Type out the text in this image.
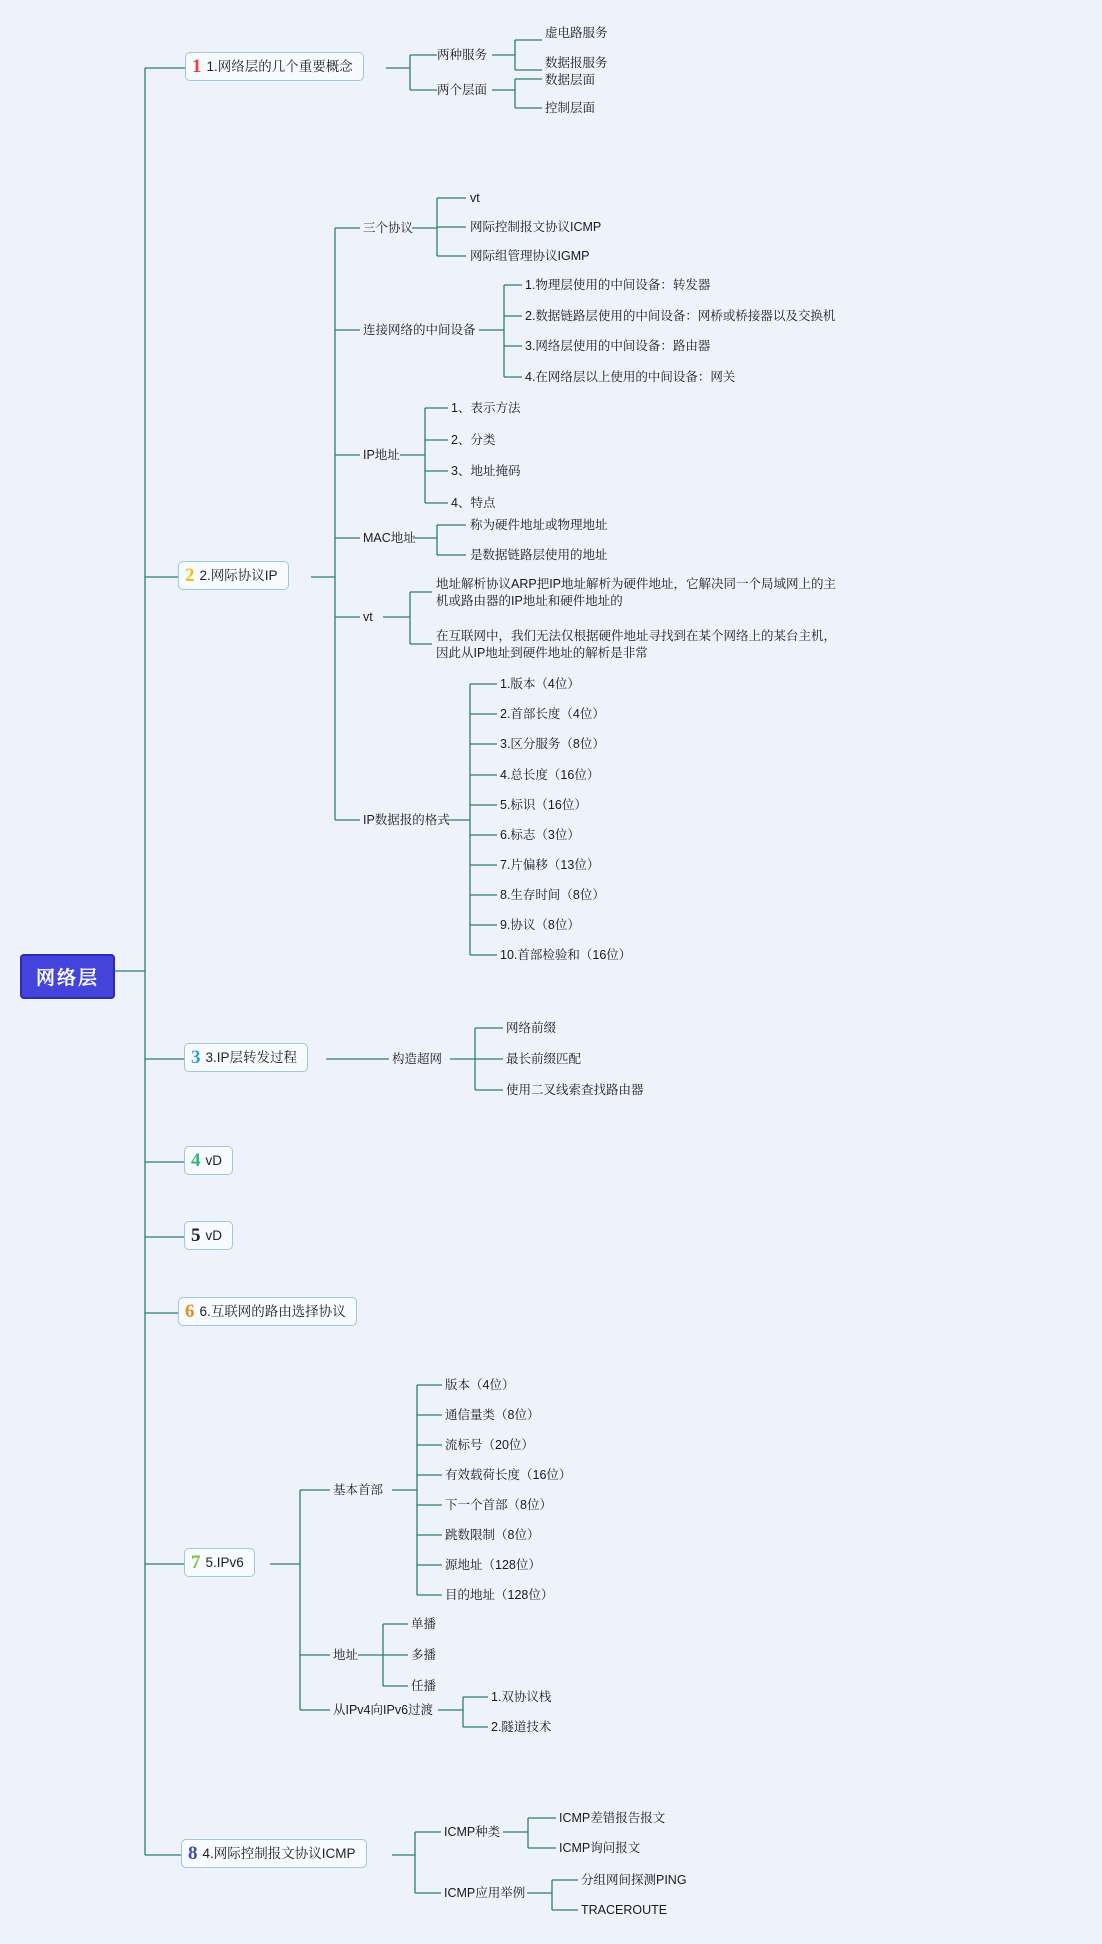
网络层
1 1.网络层的几个重要概念
两种服务
两个层面
虚电路服务
数据报服务
数据层面
控制层面
2 2.网际协议IP
三个协议
vt
网际控制报文协议ICMP
网际组管理协议IGMP
连接网络的中间设备
1.物理层使用的中间设备：转发器
2.数据链路层使用的中间设备：网桥或桥接器以及交换机
3.网络层使用的中间设备：路由器
4.在网络层以上使用的中间设备：网关
IP地址
1、表示方法
2、分类
3、地址掩码
4、特点
MAC地址
称为硬件地址或物理地址
是数据链路层使用的地址
vt
地址解析协议ARP把IP地址解析为硬件地址，它解决同一个局域网上的主机或路由器的IP地址和硬件地址的
在互联网中，我们无法仅根据硬件地址寻找到在某个网络上的某台主机，因此从IP地址到硬件地址的解析是非常
IP数据报的格式
1.版本（4位）
2.首部长度（4位）
3.区分服务（8位）
4.总长度（16位）
5.标识（16位）
6.标志（3位）
7.片偏移（13位）
8.生存时间（8位）
9.协议（8位）
10.首部检验和（16位）
3 3.IP层转发过程	构造超网
网络前缀
最长前缀匹配
使用二叉线索查找路由器
4 vD
5 vD
6 6.互联网的路由选择协议
7 5.IPv6
基本首部
版本（4位）
通信量类（8位）
流标号（20位）
有效载荷长度（16位）
下一个首部（8位）
跳数限制（8位）
源地址（128位）
目的地址（128位）
地址
单播
多播
任播
从IPv4向IPv6过渡
1.双协议栈
2.隧道技术
8 4.网际控制报文协议ICMP
ICMP种类
ICMP应用举例
ICMP差错报告报文
ICMP询问报文
分组网间探测PING
TRACEROUTE
